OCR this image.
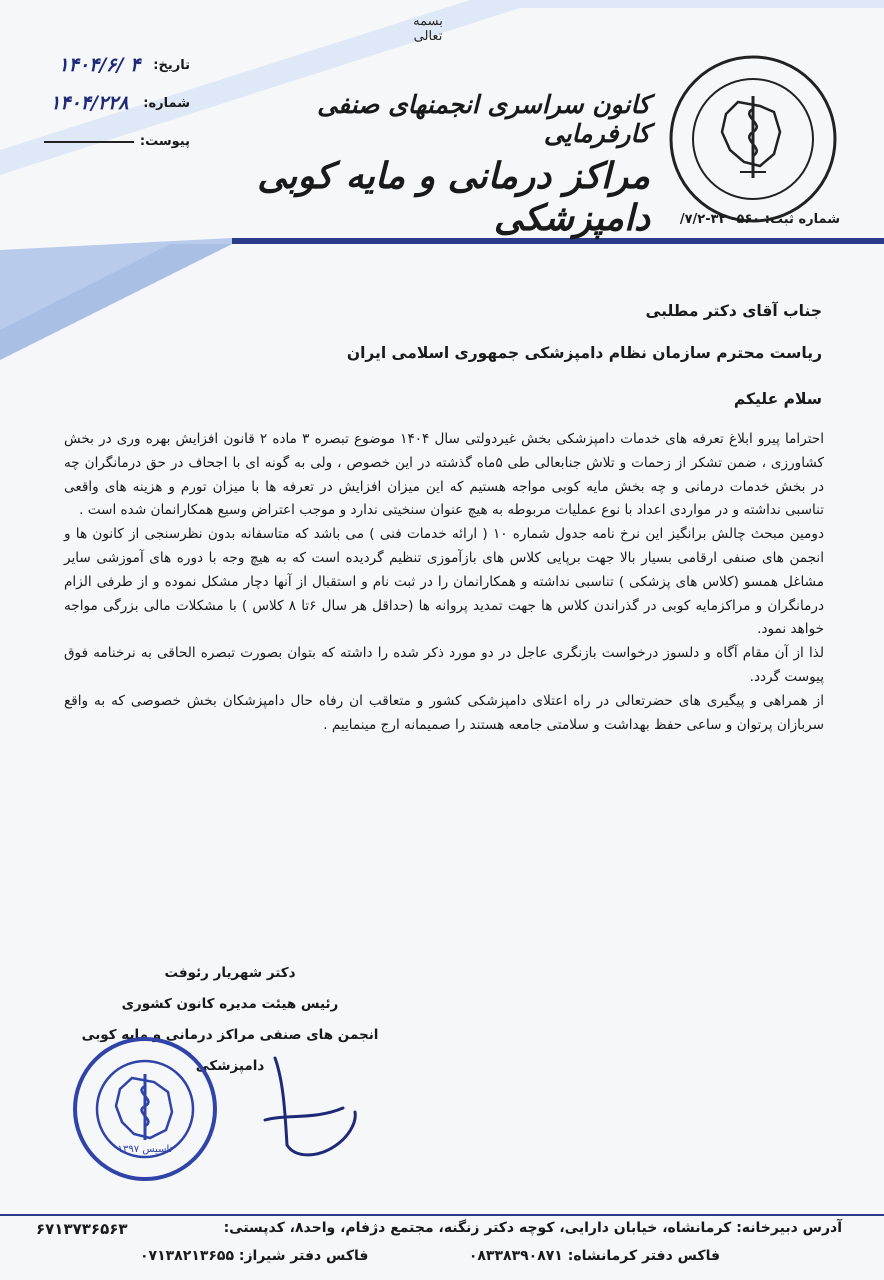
بسمه تعالی
تاریخ:
۱۴۰۴/۶/ ۴
شماره:
۱۴۰۴/۲۲۸
پیوست:
کانون سراسری انجمنهای صنفی کارفرمایی
مراکز درمانی و مایه کوبی دامپزشکی	شماره ثبت: ۵۶۰- ۳۲-۷/۲/
جناب آقای دکتر مطلبی
ریاست محترم سازمان نظام دامپزشکی جمهوری اسلامی ایران
سلام علیکم

احتراما پیرو ابلاغ تعرفه های خدمات دامپزشکی بخش غیردولتی سال ۱۴۰۴ موضوع تبصره ۳ ماده ۲ قانون افزایش بهره وری در بخش کشاورزی ، ضمن تشکر از زحمات و تلاش جنابعالی طی ۵ماه گذشته در این خصوص ، ولی به گونه ای با اجحاف در حق درمانگران چه در بخش خدمات درمانی و چه بخش مایه کوبی مواجه هستیم که این میزان افزایش در تعرفه ها با میزان تورم و هزینه های واقعی تناسبی نداشته و در مواردی اعداد با نوع عملیات مربوطه به هیچ عنوان سنخیتی ندارد و موجب اعتراض وسیع همکارانمان شده است .

دومین مبحث چالش برانگیز این نرخ نامه جدول شماره ۱۰ ( ارائه خدمات فنی ) می باشد که متاسفانه بدون نظرسنجی از کانون ها و انجمن های صنفی ارقامی بسیار بالا جهت برپایی کلاس های بازآموزی تنظیم گردیده است که به هیچ وجه با دوره های آموزشی سایر مشاغل همسو (کلاس های پزشکی ) تناسبی نداشته و همکارانمان را در ثبت نام و استقبال از آنها دچار مشکل نموده و از طرفی الزام درمانگران و مراکزمایه کوبی در گذراندن کلاس ها جهت تمدید پروانه ها (حداقل هر سال ۶تا ۸ کلاس ) با مشکلات مالی بزرگی مواجه خواهد نمود.

لذا از آن مقام آگاه و دلسوز درخواست بازنگری عاجل در دو مورد ذکر شده را داشته که بتوان بصورت تبصره الحاقی به نرخنامه فوق پیوست گردد.

از همراهی و پیگیری های حضرتعالی در راه اعتلای دامپزشکی کشور و متعاقب ان رفاه حال دامپزشکان بخش خصوصی که به واقع سربازان پرتوان و ساعی حفظ بهداشت و سلامتی جامعه هستند را صمیمانه ارج مینماییم .

دکتر شهریار رئوفت
رئیس هیئت مدیره کانون کشوری
انجمن های صنفی مراکز درمانی و مایه کوبی دامپزشکی
تاسیس ۱۳۹۷
آدرس دبیرخانه: کرمانشاه، خیابان دارایی، کوچه دکتر زنگنه، مجتمع دژفام، واحد۸، کدپستی:
۶۷۱۳۷۳۶۵۶۳
فاکس دفتر کرمانشاه: ۰۸۳۳۸۳۹۰۸۷۱
فاکس دفتر شیراز: ۰۷۱۳۸۲۱۳۶۵۵
